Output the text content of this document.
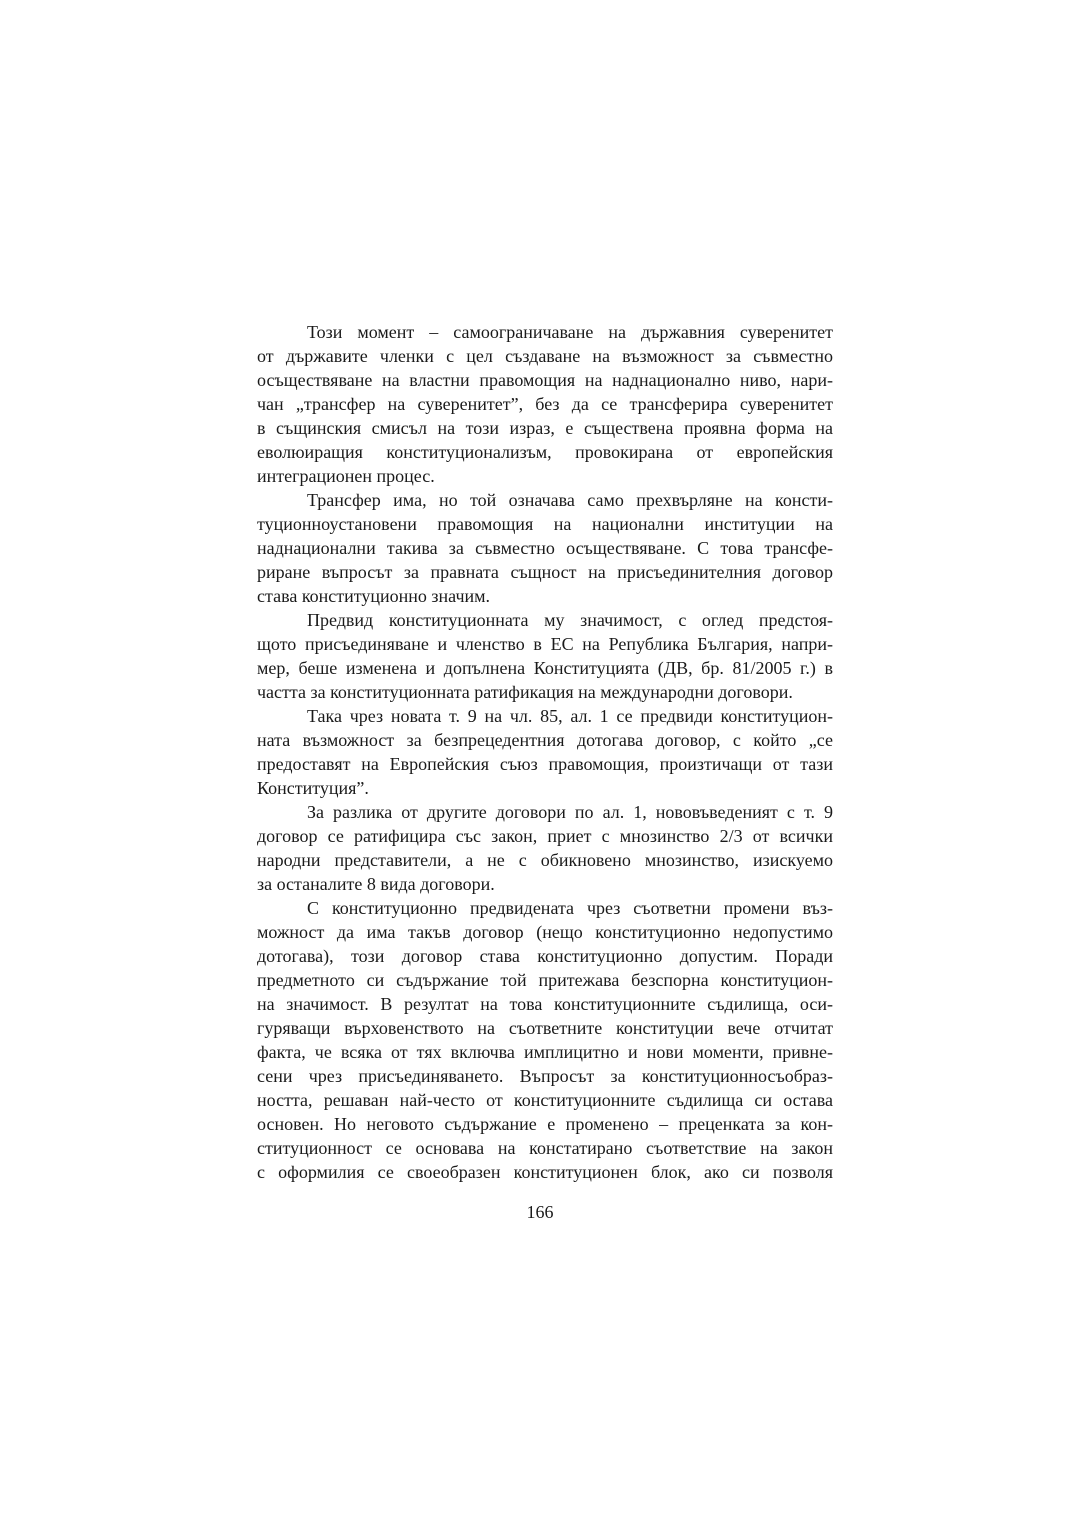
Този момент – самоограничаване на държавния суверенитет
от държавите членки с цел създаване на възможност за съвместно
осъществяване на властни правомощия на наднационално ниво, нари-
чан „трансфер на суверенитет”, без да се трансферира суверенитет
в същинския смисъл на този израз, е съществена проявна форма на
еволюиращия конституционализъм, провокирана от европейския
интеграционен процес.
Трансфер има, но той означава само прехвърляне на консти-
туционноустановени правомощия на национални институции на
наднационални такива за съвместно осъществяване. С това трансфе-
риране въпросът за правната същност на присъединителния договор
става конституционно значим.
Предвид конституционната му значимост, с оглед предстоя-
щото присъединяване и членство в ЕС на Република България, напри-
мер, беше изменена и допълнена Конституцията (ДВ, бр. 81/2005 г.) в
частта за конституционната ратификация на международни договори.
Така чрез новата т. 9 на чл. 85, ал. 1 се предвиди конституцион-
ната възможност за безпрецедентния дотогава договор, с който „се
предоставят на Европейския съюз правомощия, произтичащи от тази
Конституция”.
За разлика от другите договори по ал. 1, нововъведеният с т. 9
договор се ратифицира със закон, приет с мнозинство 2/3 от всички
народни представители, а не с обикновено мнозинство, изискуемо
за останалите 8 вида договори.
С конституционно предвидената чрез съответни промени въз-
можност да има такъв договор (нещо конституционно недопустимо
дотогава), този договор става конституционно допустим. Поради
предметното си съдържание той притежава безспорна конституцион-
на значимост. В резултат на това конституционните съдилища, оси-
гуряващи върховенството на съответните конституции вече отчитат
факта, че всяка от тях включва имплицитно и нови моменти, привне-
сени чрез присъединяването. Въпросът за конституционносъобраз-
ността, решаван най-често от конституционните съдилища си остава
основен. Но неговото съдържание е променено – преценката за кон-
ституционност се основава на констатирано съответствие на закон
с оформилия се своеобразен конституционен блок, ако си позволя
166
